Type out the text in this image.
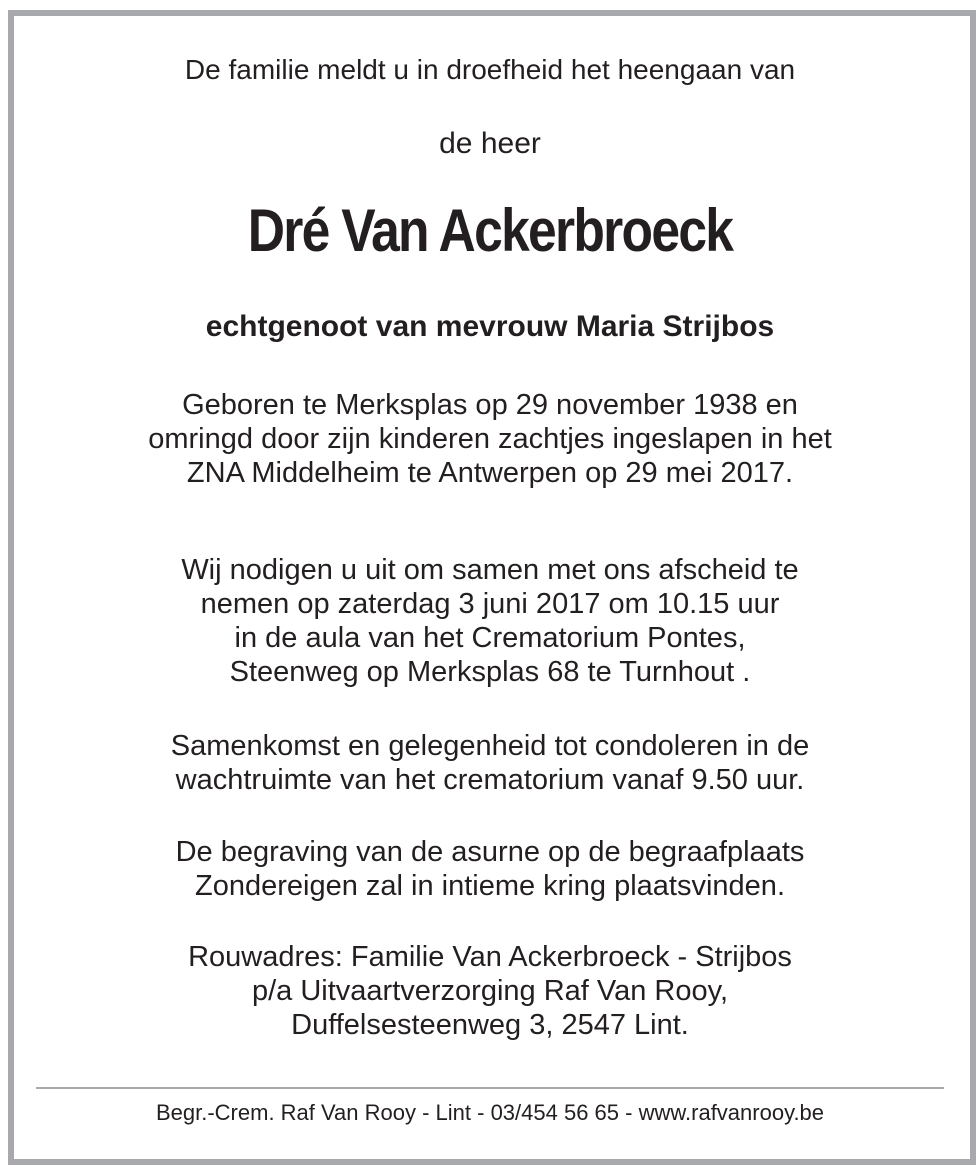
De familie meldt u in droefheid het heengaan van

de heer

Dré Van Ackerbroeck

echtgenoot van mevrouw Maria Strijbos

Geboren te Merksplas op 29 november 1938 en
omringd door zijn kinderen zachtjes ingeslapen in het
ZNA Middelheim te Antwerpen op 29 mei 2017.
Wij nodigen u uit om samen met ons afscheid te
nemen op zaterdag 3 juni 2017 om 10.15 uur
in de aula van het Crematorium Pontes,
Steenweg op Merksplas 68 te Turnhout .
Samenkomst en gelegenheid tot condoleren in de
wachtruimte van het crematorium vanaf 9.50 uur.
De begraving van de asurne op de begraafplaats
Zondereigen zal in intieme kring plaatsvinden.
Rouwadres: Familie Van Ackerbroeck - Strijbos
p/a Uitvaartverzorging Raf Van Rooy,
Duffelsesteenweg 3, 2547 Lint.

Begr.-Crem. Raf Van Rooy - Lint - 03/454 56 65 - www.rafvanrooy.be
